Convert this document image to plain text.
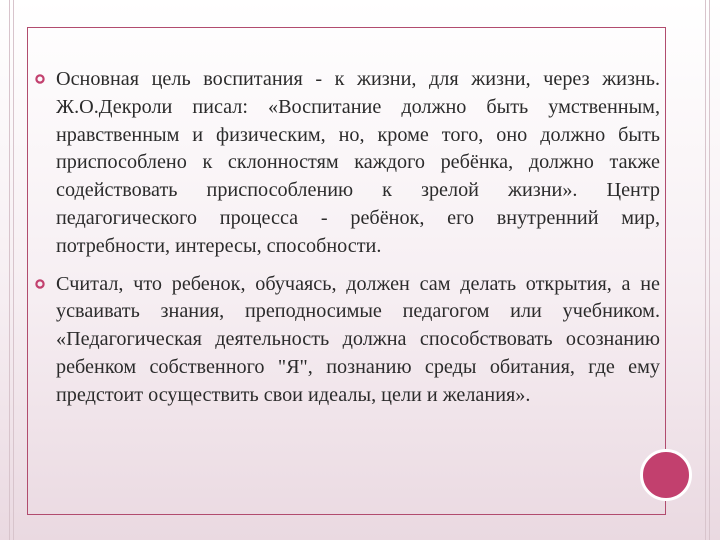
Основная цель воспитания - к жизни, для жизни, через жизнь. Ж.О.Декроли писал: «Воспитание должно быть умственным, нравственным и физическим, но, кроме того, оно должно быть приспособлено к склонностям каждого ребёнка, должно также содействовать приспособлению к зрелой жизни». Центр педагогического процесса - ребёнок, его внутренний мир, потребности, интересы, способности.
Считал, что ребенок, обучаясь, должен сам делать открытия, а не усваивать знания, преподносимые педагогом или учебником. «Педагогическая деятельность должна способствовать осознанию ребенком собственного "Я", познанию среды обитания, где ему предстоит осуществить свои идеалы, цели и желания».
